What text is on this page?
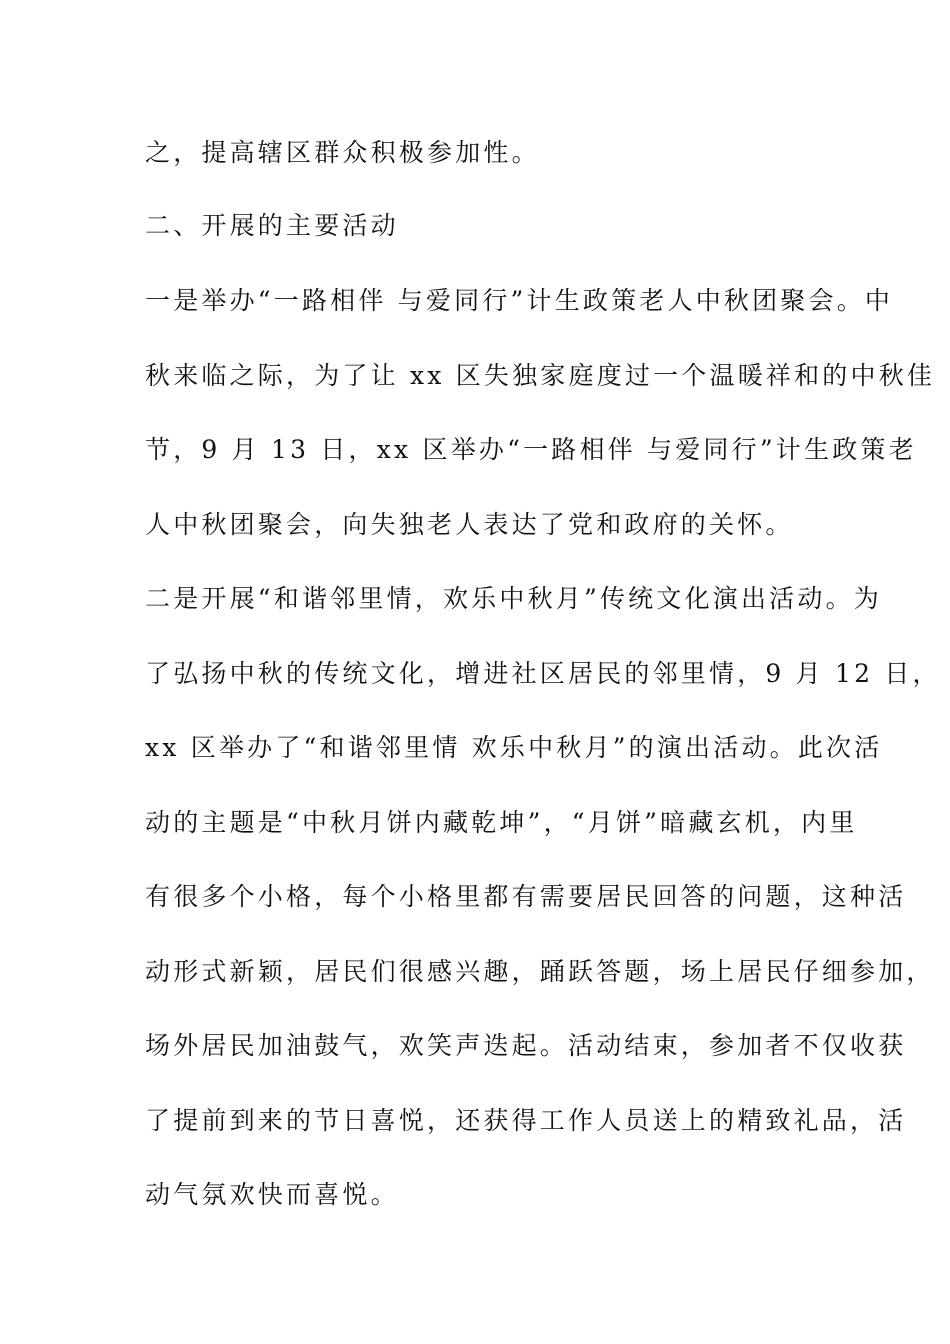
之，提高辖区群众积极参加性。
二、开展的主要活动
一是举办“一路相伴 与爱同行”计生政策老人中秋团聚会。中
秋来临之际，为了让 xx 区失独家庭度过一个温暖祥和的中秋佳
节，9 月 13 日，xx 区举办“一路相伴 与爱同行”计生政策老
人中秋团聚会，向失独老人表达了党和政府的关怀。
二是开展“和谐邻里情，欢乐中秋月”传统文化演出活动。为
了弘扬中秋的传统文化，增进社区居民的邻里情，9 月 12 日，
xx 区举办了“和谐邻里情 欢乐中秋月”的演出活动。此次活
动的主题是“中秋月饼内藏乾坤”，“月饼”暗藏玄机，内里
有很多个小格，每个小格里都有需要居民回答的问题，这种活
动形式新颖，居民们很感兴趣，踊跃答题，场上居民仔细参加，
场外居民加油鼓气，欢笑声迭起。活动结束，参加者不仅收获
了提前到来的节日喜悦，还获得工作人员送上的精致礼品，活
动气氛欢快而喜悦。
